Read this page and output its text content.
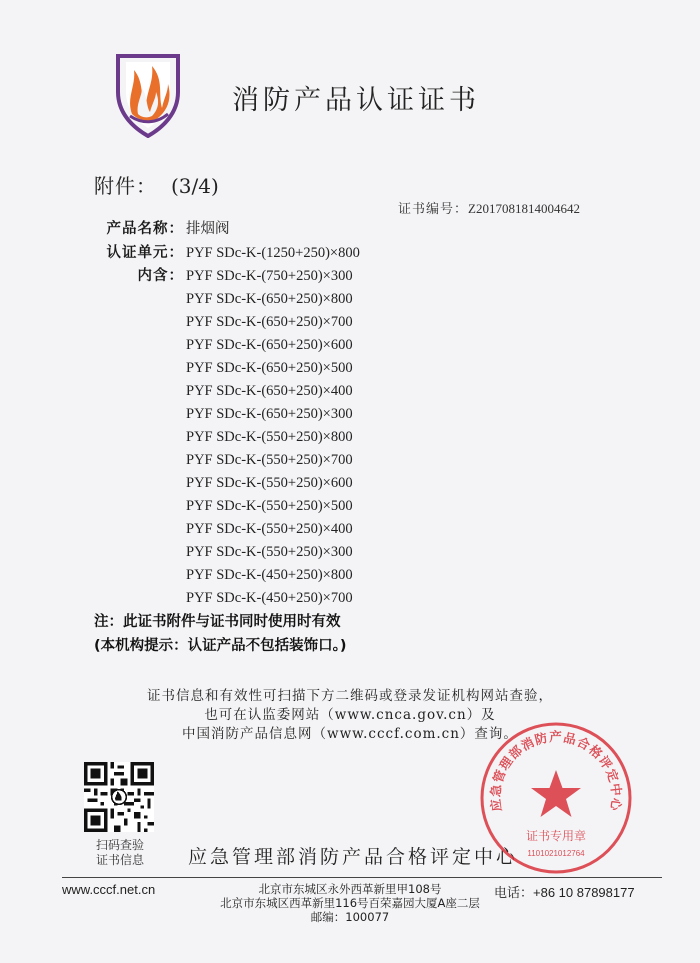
消防产品认证证书
附件： (3/4)
证书编号：Z2017081814004642
产品名称： 排烟阀
认证单元： PYF SDc-K-(1250+250)×800
内含： PYF SDc-K-(750+250)×300
PYF SDc-K-(650+250)×800
PYF SDc-K-(650+250)×700
PYF SDc-K-(650+250)×600
PYF SDc-K-(650+250)×500
PYF SDc-K-(650+250)×400
PYF SDc-K-(650+250)×300
PYF SDc-K-(550+250)×800
PYF SDc-K-(550+250)×700
PYF SDc-K-(550+250)×600
PYF SDc-K-(550+250)×500
PYF SDc-K-(550+250)×400
PYF SDc-K-(550+250)×300
PYF SDc-K-(450+250)×800
PYF SDc-K-(450+250)×700
注：此证书附件与证书同时使用时有效
(本机构提示：认证产品不包括装饰口。)
证书信息和有效性可扫描下方二维码或登录发证机构网站查验，
也可在认监委网站（www.cnca.gov.cn）及
中国消防产品信息网（www.cccf.com.cn）查询。
扫码查验
证书信息	应急管理部消防产品合格评定中心
应急管理部消防产品合格评定中心
证书专用章
1101021012764
www.cccf.net.cn	电话：+86 10 87898177
北京市东城区永外西革新里甲108号
北京市东城区西革新里116号百荣嘉园大厦A座二层
邮编：100077
